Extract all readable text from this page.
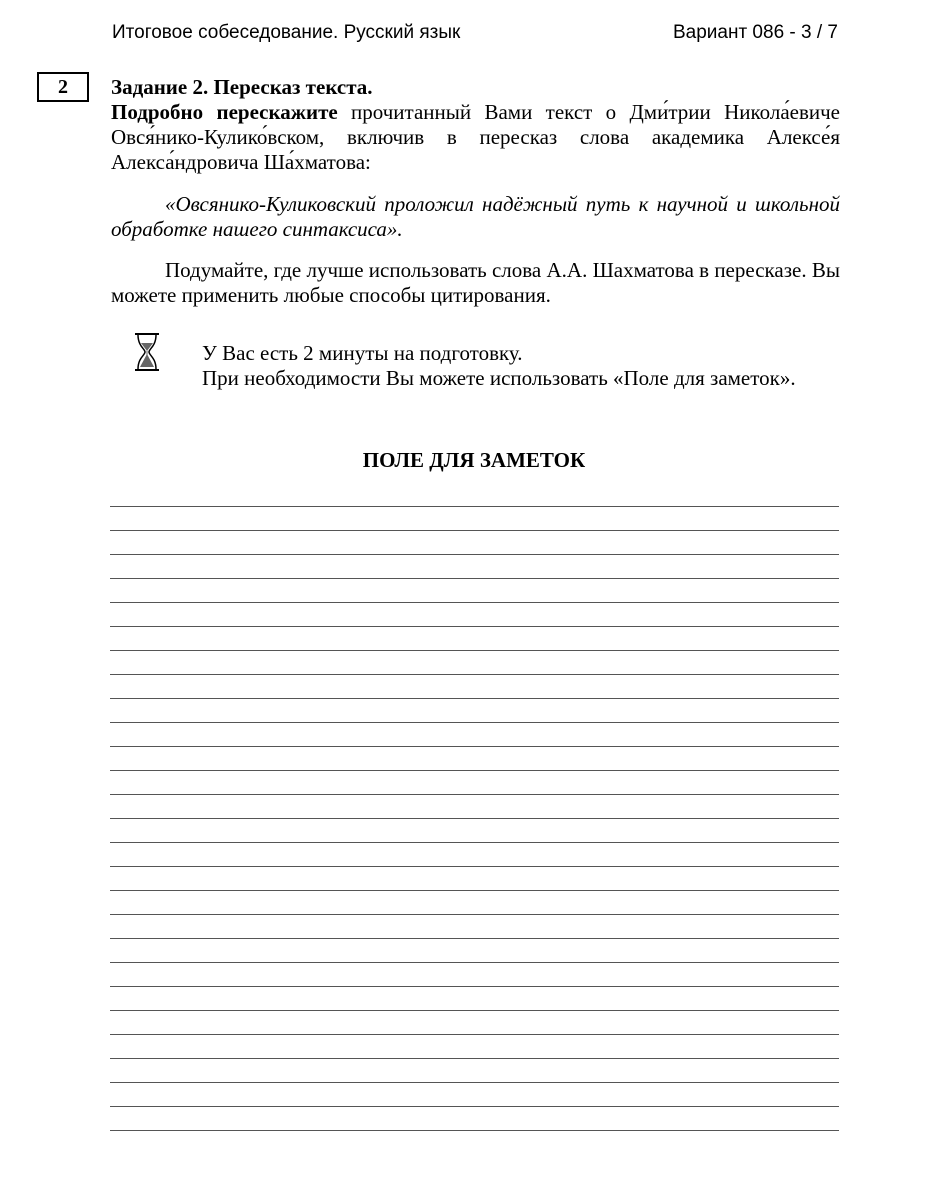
Итоговое собеседование. Русский язык	Вариант 086 - 3 / 7
2	Задание 2. Пересказ текста.
Подробно перескажите прочитанный Вами текст о Дми́трии Никола́евиче Овся́нико-Кулико́вском, включив в пересказ слова академика Алексе́я Алекса́ндровича Ша́хматова:
«Овсянико-Куликовский проложил надёжный путь к научной и школьной обработке нашего синтаксиса».
Подумайте, где лучше использовать слова А.А. Шахматова в пересказе. Вы можете применить любые способы цитирования.
У Вас есть 2 минуты на подготовку.
При необходимости Вы можете использовать «Поле для заметок».
ПОЛЕ ДЛЯ ЗАМЕТОК
